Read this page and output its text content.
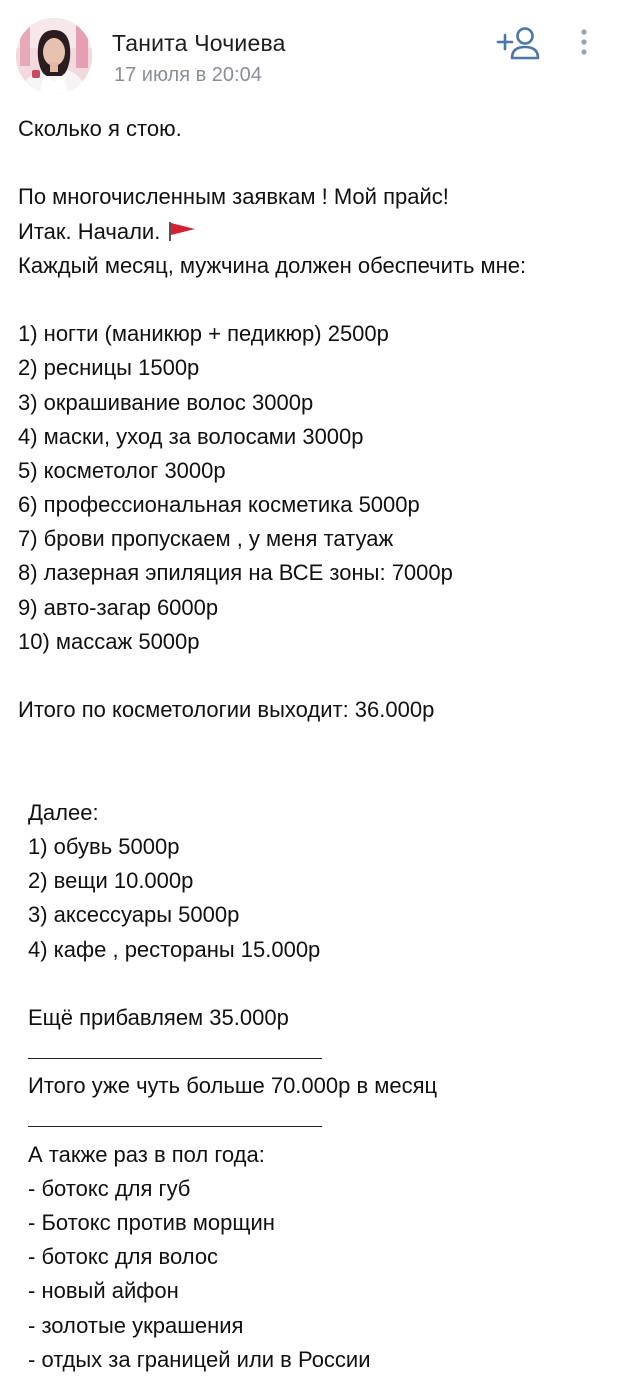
Танита Чочиева
17 июля в 20:04
Сколько я стою.
По многочисленным заявкам ! Мой прайс!
Итак. Начали.
Каждый месяц, мужчина должен обеспечить мне:
1) ногти (маникюр + педикюр) 2500р
2) ресницы 1500р
3) окрашивание волос 3000р
4) маски, уход за волосами 3000р
5) косметолог 3000р
6) профессиональная косметика 5000р
7) брови пропускаем , у меня татуаж
8) лазерная эпиляция на ВСЕ зоны: 7000р
9) авто-загар 6000р
10) массаж 5000р
Итого по косметологии выходит: 36.000р
Далее:
1) обувь 5000р
2) вещи 10.000р
3) аксессуары 5000р
4) кафе , рестораны 15.000р
Ещё прибавляем 35.000р
Итого уже чуть больше 70.000р в месяц
А также раз в пол года:
- ботокс для губ
- Ботокс против морщин
- ботокс для волос
- новый айфон
- золотые украшения
- отдых за границей или в России
